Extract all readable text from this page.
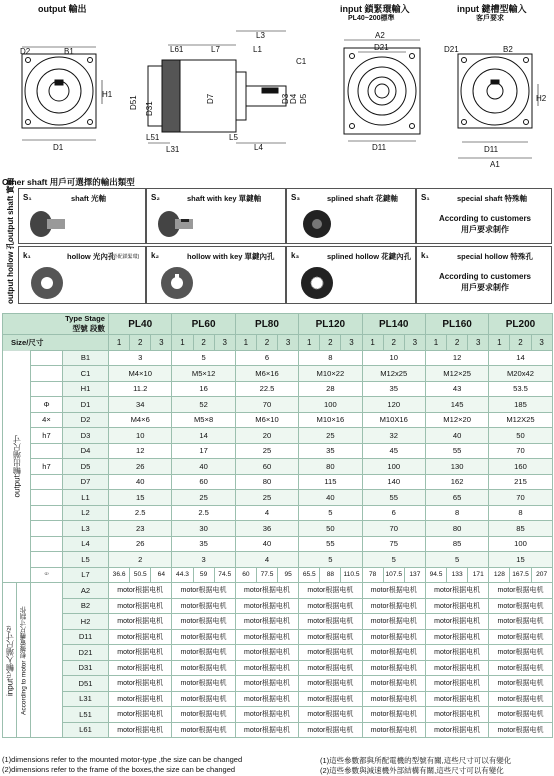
output 輸出	input 鎖緊環輸入
PL40~200標準
input 鍵槽型輸入
客戶要求
D2	B1
H1
D1
L61	L7
L3
L1
C1
D51 D31
D7	D3 D4 D5
L51
L31
L5
L4
A2
D21
D11
D21	B2
H2
D11
A1
Other shaft 用戶可選擇的輸出類型
output shaft 實軸
output hollow 孔
S₁	shaft 光軸	S₂	shaft with key 單鍵軸	S₃	splined shaft 花鍵軸	S₁	special shaft 特殊軸
According to customers
用戶要求制作
k₁	hollow 光內孔
(外配鎖緊環) k₂	hollow with key 單鍵內孔 k₃	splined hollow 花鍵內孔 k₁	special hollow 特殊孔
According to customers
用戶要求制作
Type Stage
型號 段數				PL40			PL60			PL80			PL120			PL140			PL160			PL200		
Size/尺寸				1	2	3	1	2	3	1	2	3	1	2	3	1	2	3	1	2	3	1	2	3
output輸出端尺寸			B1	3			5			6			8			10			12			14		
			C1	M4×10			M5×12			M6×16			M10×22			M12x25			M12×25			M20x42		
			H1	11.2			16			22.5			28			35			43			53.5		
		Φ	D1	34			52			70			100			120			145			185		
		4×	D2	M4×6			M5×8			M6×10			M10×16			M10X16			M12×20			M12X25		
		h7	D3	10			14			20			25			32			40			50		
			D4	12			17			25			35			45			55			70		
		h7	D5	26			40			60			80			100			130			160		
			D7	40			60			80			115			140			162			215		
			L1	15			25			25			40			55			65			70		
			L2	2.5			2.5			4			5			6			8			8		
			L3	23			30			36			50			70			80			85		
			L4	26			35			40			55			75			85			100		
			L5	2			3			4			5			5			5			15		
		⁽²⁾	L7	36.6	50.5	64	44.3	59	74.5	60	77.5	95	65.5	88	110.5	78	107.5	137	94.5	133	171	128	167.5	207
input⁽¹⁾輸入端尺寸⁽²⁾	According to motor 根據電機尺寸制作		A2	motor根据电机			motor根据电机			motor根据电机			motor根据电机			motor根据电机			motor根据电机			motor根据电机		
			B2	motor根据电机			motor根据电机			motor根据电机			motor根据电机			motor根据电机			motor根据电机			motor根据电机		
			H2	motor根据电机			motor根据电机			motor根据电机			motor根据电机			motor根据电机			motor根据电机			motor根据电机		
			D11	motor根据电机			motor根据电机			motor根据电机			motor根据电机			motor根据电机			motor根据电机			motor根据电机		
			D21	motor根据电机			motor根据电机			motor根据电机			motor根据电机			motor根据电机			motor根据电机			motor根据电机		
			D31	motor根据电机			motor根据电机			motor根据电机			motor根据电机			motor根据电机			motor根据电机			motor根据电机		
			D51	motor根据电机			motor根据电机			motor根据电机			motor根据电机			motor根据电机			motor根据电机			motor根据电机		
			L31	motor根据电机			motor根据电机			motor根据电机			motor根据电机			motor根据电机			motor根据电机			motor根据电机		
			L51	motor根据电机			motor根据电机			motor根据电机			motor根据电机			motor根据电机			motor根据电机			motor根据电机		
			L61	motor根据电机			motor根据电机			motor根据电机			motor根据电机			motor根据电机			motor根据电机			motor根据电机		
(1)dimensions refer to the mounted motor-type ,the size can be changed
(2)dimensions refer to the frame of the boxes,the size can be changed
(1)這些參數都與所配電機的型號有關,這些尺寸可以有變化
(2)這些參數與減速機外部結構有關,這些尺寸可以有變化
